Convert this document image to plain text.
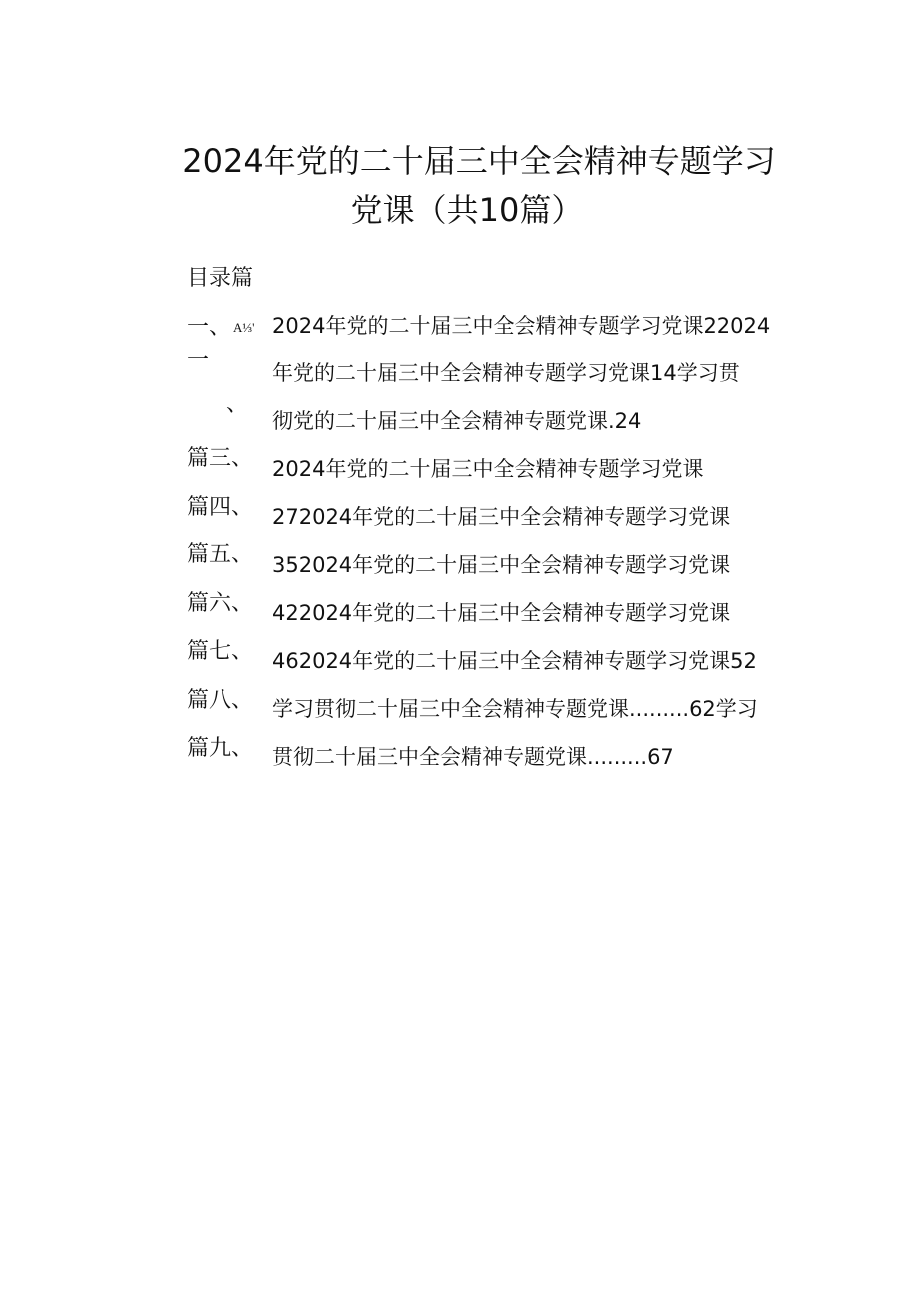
2024年党的二十届三中全会精神专题学习
党课（共10篇）
目录篇
一、 A⅓'
一
、
篇三、
篇四、
篇五、
篇六、
篇七、
篇八、
篇九、
2024年党的二十届三中全会精神专题学习党课22024
年党的二十届三中全会精神专题学习党课14学习贯
彻党的二十届三中全会精神专题党课.24
2024年党的二十届三中全会精神专题学习党课
272024年党的二十届三中全会精神专题学习党课
352024年党的二十届三中全会精神专题学习党课
422024年党的二十届三中全会精神专题学习党课
462024年党的二十届三中全会精神专题学习党课52
学习贯彻二十届三中全会精神专题党课.........62学习
贯彻二十届三中全会精神专题党课.........67
